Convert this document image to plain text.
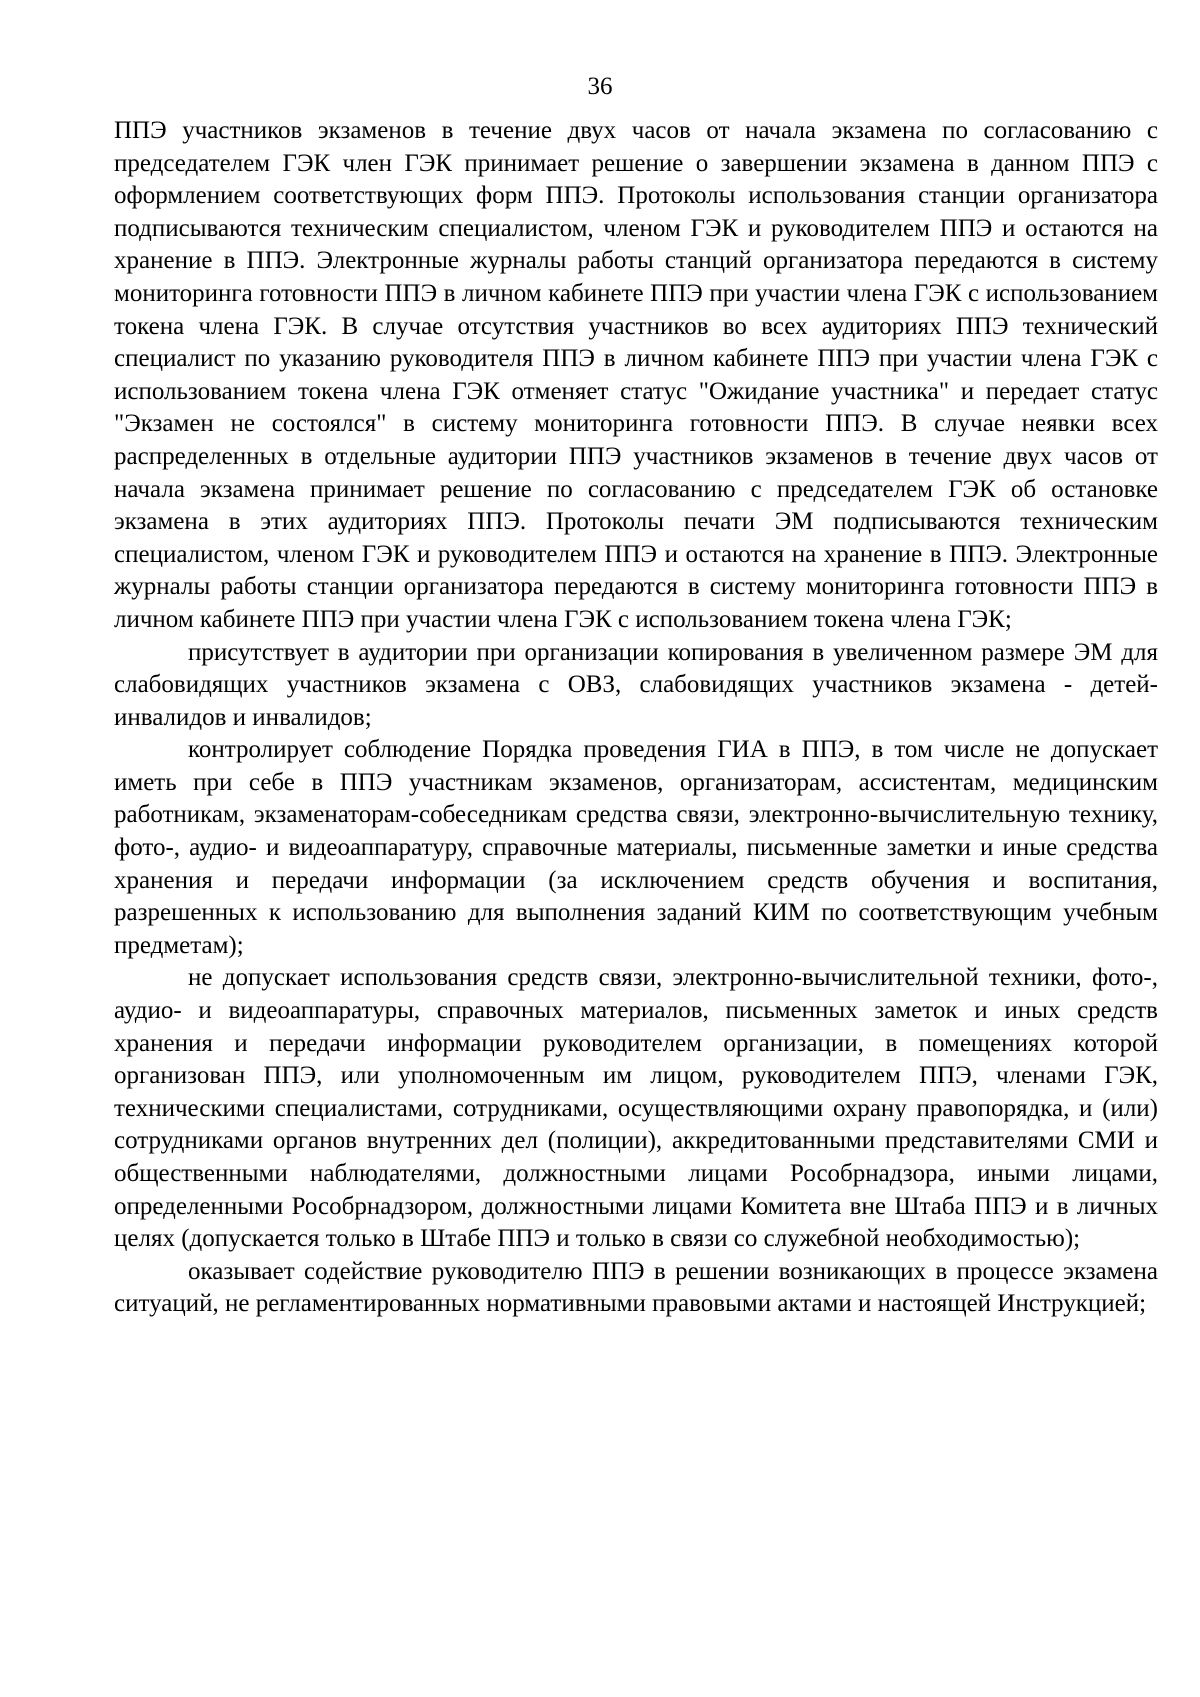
36

ППЭ участников экзаменов в течение двух часов от начала экзамена по согласованию с председателем ГЭК член ГЭК принимает решение о завершении экзамена в данном ППЭ с оформлением соответствующих форм ППЭ. Протоколы использования станции организатора подписываются техническим специалистом, членом ГЭК и руководителем ППЭ и остаются на хранение в ППЭ. Электронные журналы работы станций организатора передаются в систему мониторинга готовности ППЭ в личном кабинете ППЭ при участии члена ГЭК с использованием токена члена ГЭК. В случае отсутствия участников во всех аудиториях ППЭ технический специалист по указанию руководителя ППЭ в личном кабинете ППЭ при участии члена ГЭК с использованием токена члена ГЭК отменяет статус "Ожидание участника" и передает статус "Экзамен не состоялся" в систему мониторинга готовности ППЭ. В случае неявки всех распределенных в отдельные аудитории ППЭ участников экзаменов в течение двух часов от начала экзамена принимает решение по согласованию с председателем ГЭК об остановке экзамена в этих аудиториях ППЭ. Протоколы печати ЭМ подписываются техническим специалистом, членом ГЭК и руководителем ППЭ и остаются на хранение в ППЭ. Электронные журналы работы станции организатора передаются в систему мониторинга готовности ППЭ в личном кабинете ППЭ при участии члена ГЭК с использованием токена члена ГЭК;

присутствует в аудитории при организации копирования в увеличенном размере ЭМ для слабовидящих участников экзамена с ОВЗ, слабовидящих участников экзамена - детей-инвалидов и инвалидов;

контролирует соблюдение Порядка проведения ГИА в ППЭ, в том числе не допускает иметь при себе в ППЭ участникам экзаменов, организаторам, ассистентам, медицинским работникам, экзаменаторам-собеседникам средства связи, электронно-вычислительную технику, фото-, аудио- и видеоаппаратуру, справочные материалы, письменные заметки и иные средства хранения и передачи информации (за исключением средств обучения и воспитания, разрешенных к использованию для выполнения заданий КИМ по соответствующим учебным предметам);

не допускает использования средств связи, электронно-вычислительной техники, фото-, аудио- и видеоаппаратуры, справочных материалов, письменных заметок и иных средств хранения и передачи информации руководителем организации, в помещениях которой организован ППЭ, или уполномоченным им лицом, руководителем ППЭ, членами ГЭК, техническими специалистами, сотрудниками, осуществляющими охрану правопорядка, и (или) сотрудниками органов внутренних дел (полиции), аккредитованными представителями СМИ и общественными наблюдателями, должностными лицами Рособрнадзора, иными лицами, определенными Рособрнадзором, должностными лицами Комитета вне Штаба ППЭ и в личных целях (допускается только в Штабе ППЭ и только в связи со служебной необходимостью);

оказывает содействие руководителю ППЭ в решении возникающих в процессе экзамена ситуаций, не регламентированных нормативными правовыми актами и настоящей Инструкцией;
